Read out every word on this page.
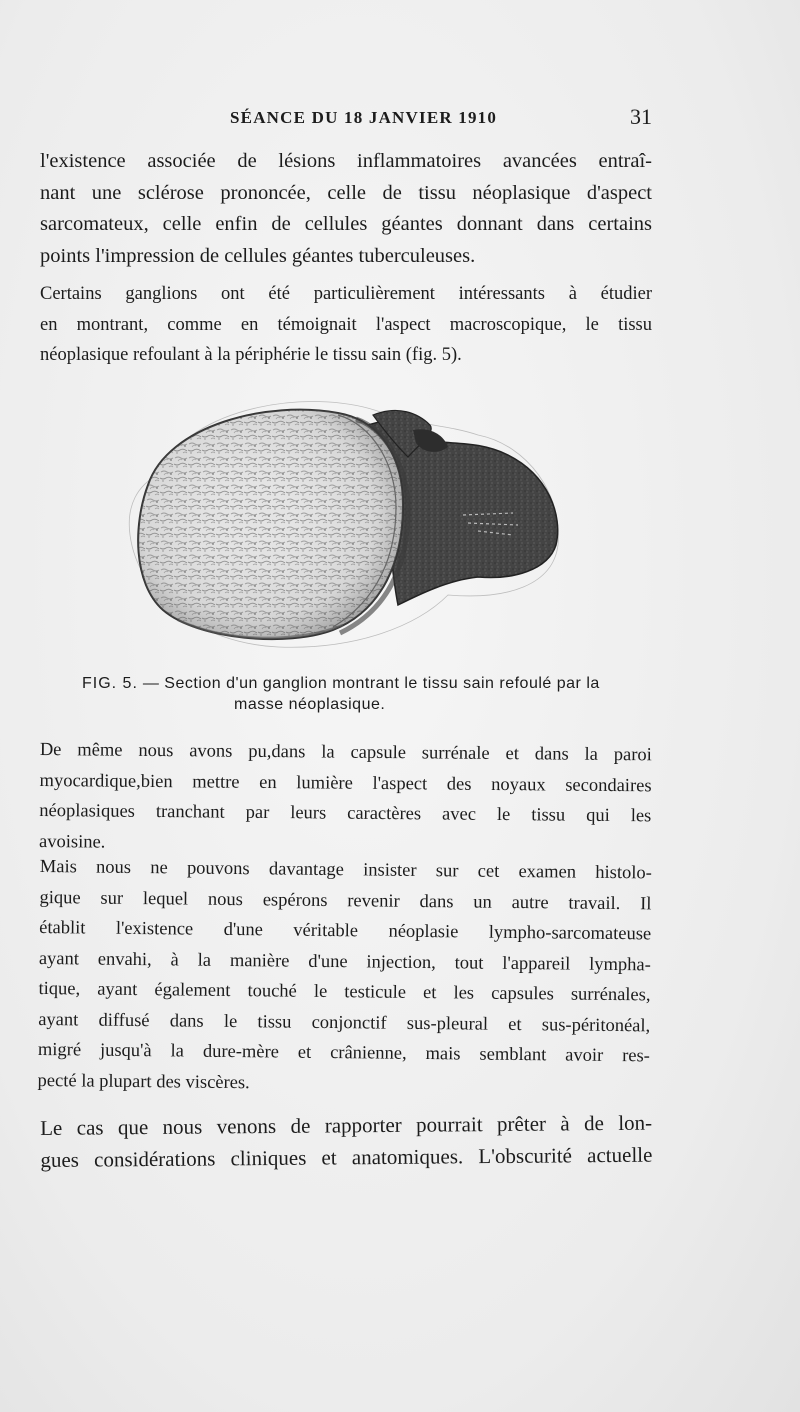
SÉANCE DU 18 JANVIER 1910	31

l'existence associée de lésions inflammatoires avancées entraî-
nant une sclérose prononcée, celle de tissu néoplasique d'aspect
sarcomateux, celle enfin de cellules géantes donnant dans certains
points l'impression de cellules géantes tuberculeuses.

Certains ganglions ont été particulièrement intéressants à étudier
en montrant, comme en témoignait l'aspect macroscopique, le tissu
néoplasique refoulant à la périphérie le tissu sain (fig. 5).

FIG. 5. — Section d'un ganglion montrant le tissu sain refoulé par la
masse néoplasique.

De même nous avons pu,dans la capsule surrénale et dans la paroi
myocardique,bien mettre en lumière l'aspect des noyaux secondaires
néoplasiques tranchant par leurs caractères avec le tissu qui les
avoisine.

Mais nous ne pouvons davantage insister sur cet examen histolo-
gique sur lequel nous espérons revenir dans un autre travail. Il
établit l'existence d'une véritable néoplasie lympho-sarcomateuse
ayant envahi, à la manière d'une injection, tout l'appareil lympha-
tique, ayant également touché le testicule et les capsules surrénales,
ayant diffusé dans le tissu conjonctif sus-pleural et sus-péritonéal,
migré jusqu'à la dure-mère et crânienne, mais semblant avoir res-
pecté la plupart des viscères.

Le cas que nous venons de rapporter pourrait prêter à de lon-
gues considérations cliniques et anatomiques. L'obscurité actuelle
